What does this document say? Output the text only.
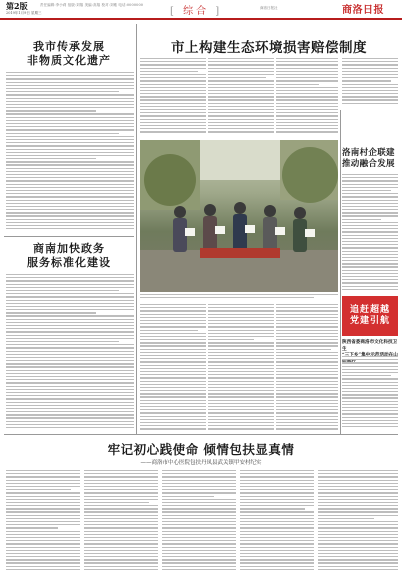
第2版
2019年1月9日 星期三
责任编辑:李小莉 组版:刘翔 美编:高翔 校对:刘雅 电话:0000000
[ 综合 ]	商洛日报社	商洛日报
我市传承发展
非物质文化遗产
商南加快政务
服务标准化建设
市上构建生态环境损害赔偿制度
洛南村企联建
推动融合发展
追赶超越
党建引航
陕西省委商洛市文化科技卫生
牢记初心践使命 倾情包扶显真情
——商洛市中心医院包扶丹凤县武关镇甲安村纪实
